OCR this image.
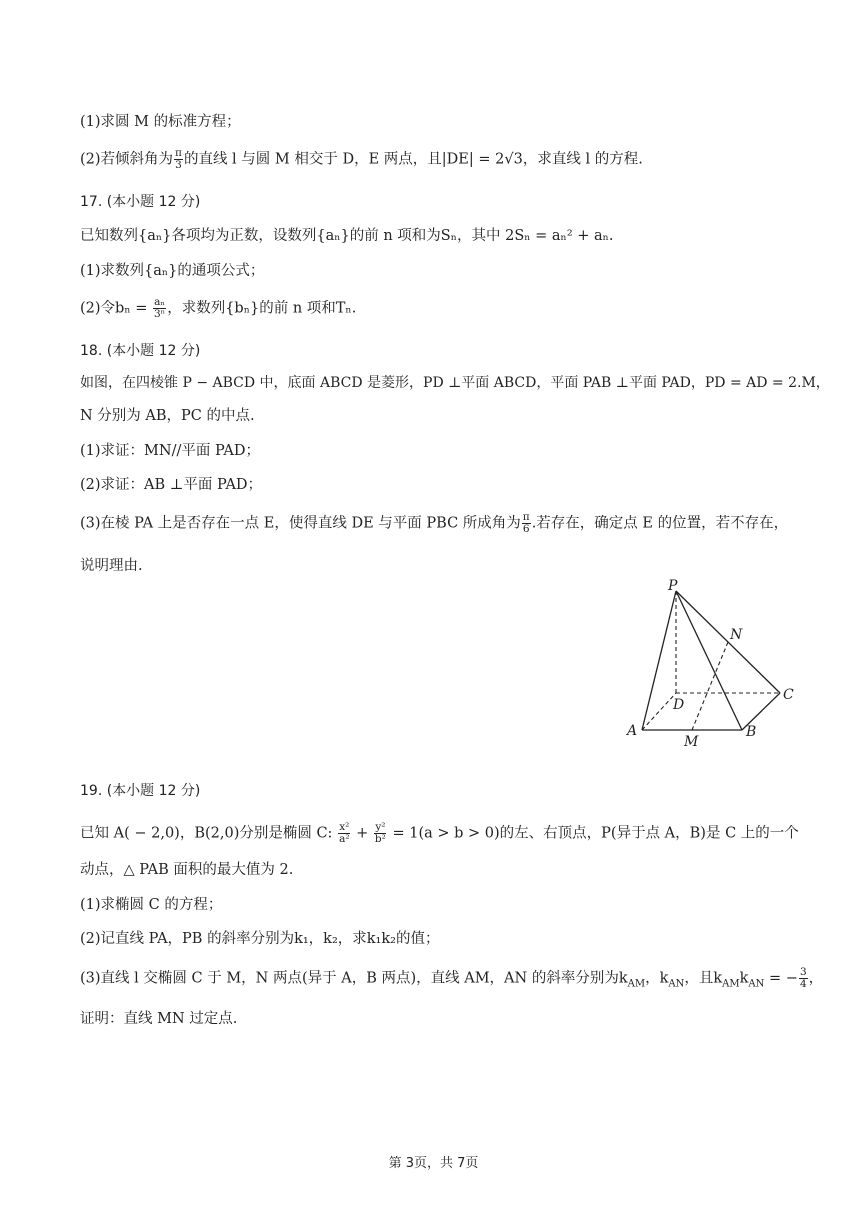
(1)求圆 M 的标准方程；
(2)若倾斜角为 $\frac{\pi}{3}$ 的直线 l 与圆 M 相交于 D，E 两点，且|DE| = 2√3，求直线 l 的方程.
17. (本小题 12 分)
已知数列{aₙ}各项均为正数，设数列{aₙ}的前 n 项和为Sₙ，其中 2Sₙ = aₙ² + aₙ.
(1)求数列{aₙ}的通项公式；
(2)令$b_n = \frac{\text{aₙ}}{\text{3ⁿ}}$ ，求数列{bₙ}的前 n 项和Tₙ.
18. (本小题 12 分)
如图，在四棱锥 P − ABCD 中，底面 ABCD 是菱形，PD ⊥平面 ABCD，平面 PAB ⊥平面 PAD，PD = AD = 2.M，
N 分别为 AB，PC 的中点.
(1)求证：MN//平面 PAD；
(2)求证：AB ⊥平面 PAD；
(3)在棱 PA 上是否存在一点 E，使得直线 DE 与平面 PBC 所成角为 $\frac{\pi}{6}$ .若存在，确定点 E 的位置，若不存在，
说明理由.
P
N
C
D
A	B
M
19. (本小题 12 分)
已知 A( − 2,0)，B(2,0)分别是椭圆 C: $\frac{\text{x²}}{\text{a²}} + \frac{\text{y²}}{\text{b²}} = 1(a > b > 0)$的左、右顶点，P(异于点 A，B)是 C 上的一个
动点，△ PAB 面积的最大值为 2.
(1)求椭圆 C 的方程；
(2)记直线 PA，PB 的斜率分别为k₁，k₂，求k₁k₂的值；
(3)直线 l 交椭圆 C 于 M，N 两点(异于 A，B 两点)，直线 AM，AN 的斜率分别为$k_{AM}$，$k_{AN}$，且$k_{AM}k_{AN}$ = − $\frac{3}{4}$ ，
证明：直线 MN 过定点.
第 3页，共 7页
